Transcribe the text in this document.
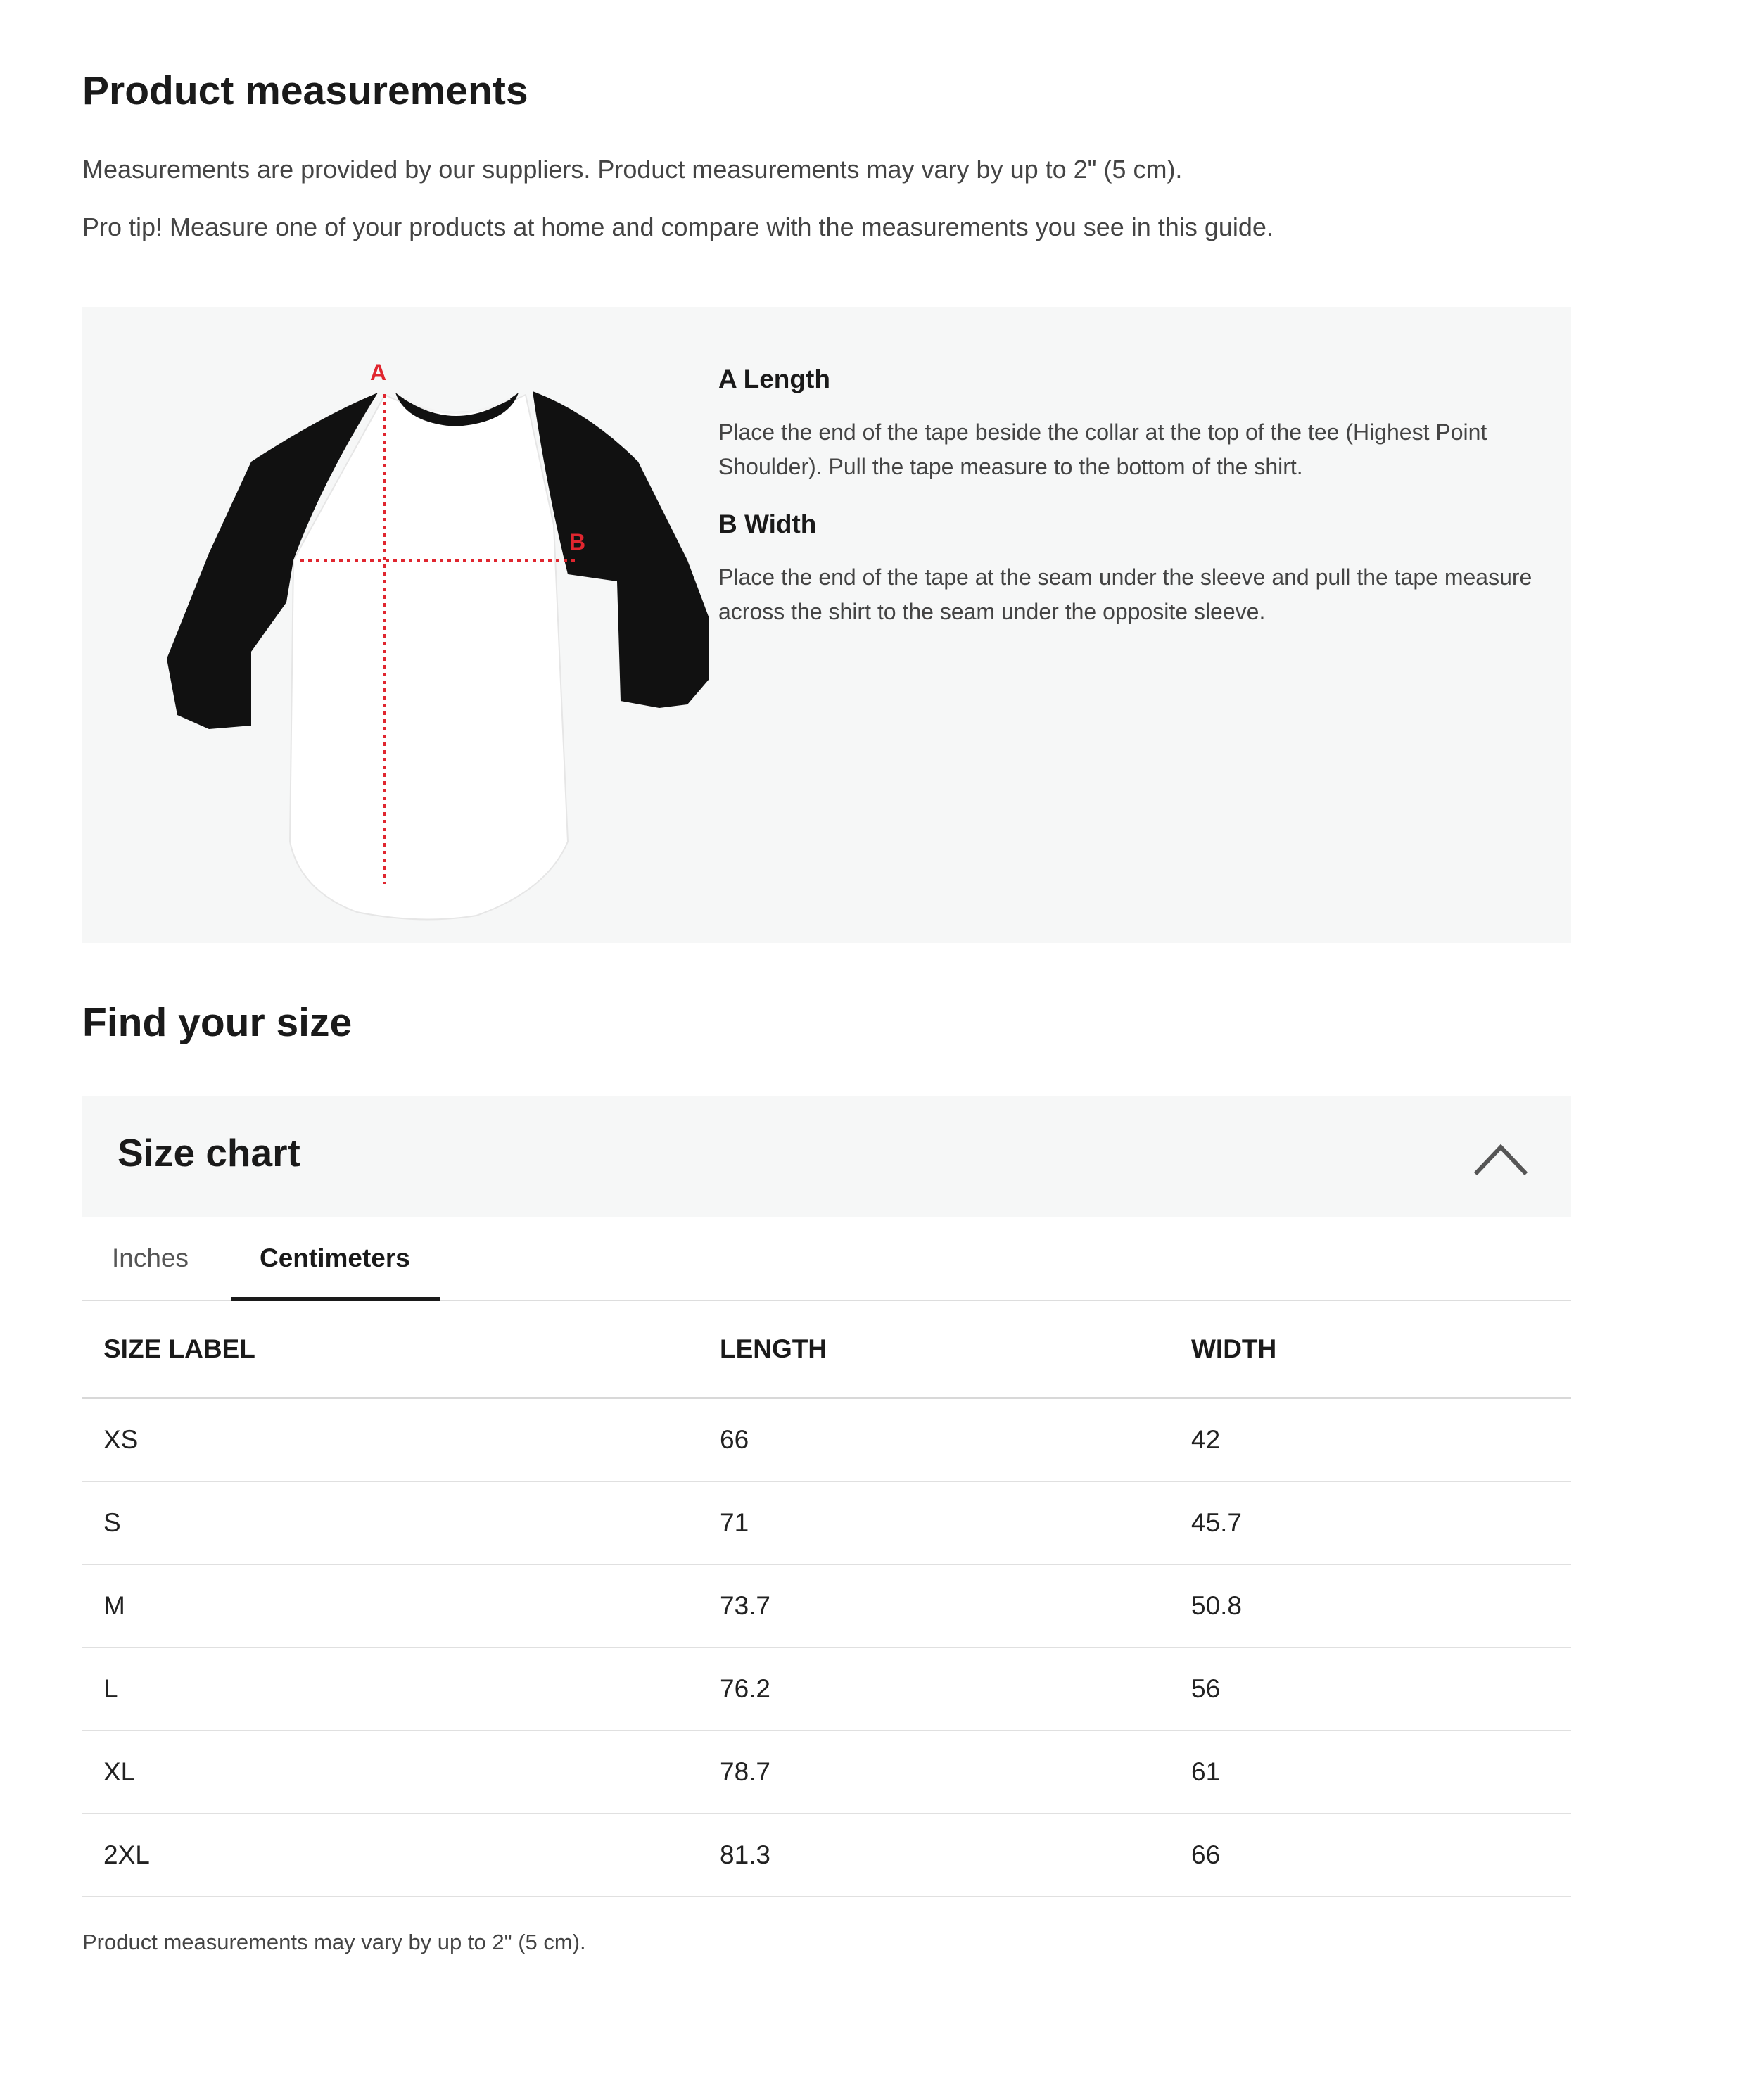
Product measurements

Measurements are provided by our suppliers. Product measurements may vary by up to 2" (5 cm).

Pro tip! Measure one of your products at home and compare with the measurements you see in this guide.

A
B
A Length

Place the end of the tape beside the collar at the top of the tee (Highest Point Shoulder). Pull the tape measure to the bottom of the shirt.

B Width

Place the end of the tape at the seam under the sleeve and pull the tape measure across the shirt to the seam under the opposite sleeve.

Find your size
Size chart
Inches	Centimeters
SIZE LABEL	LENGTH	WIDTH
XS	66	42
S	71	45.7
M	73.7	50.8
L	76.2	56
XL	78.7	61
2XL	81.3	66

Product measurements may vary by up to 2" (5 cm).
